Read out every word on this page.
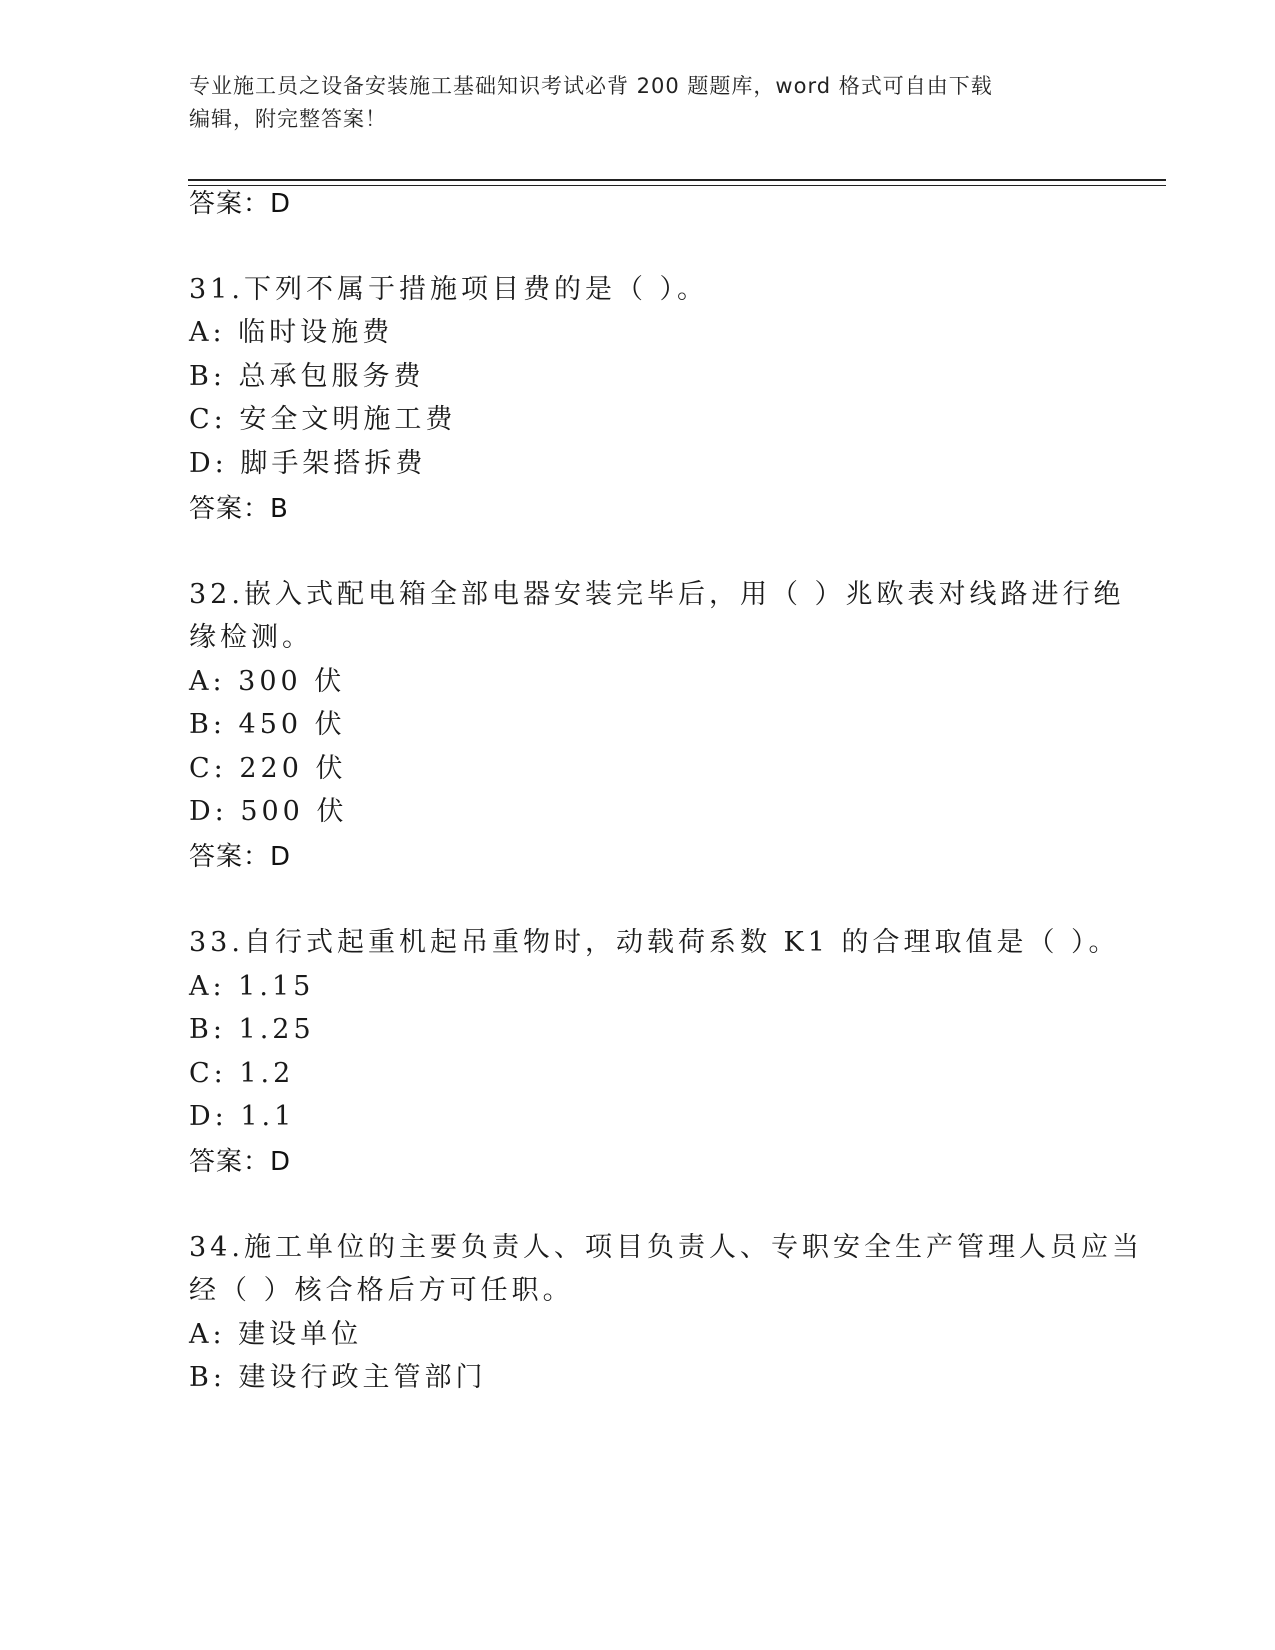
专业施工员之设备安装施工基础知识考试必背 200 题题库，word 格式可自由下载
编辑，附完整答案！
答案：D
31.下列不属于措施项目费的是（ ）。
A: 临时设施费
B: 总承包服务费
C: 安全文明施工费
D: 脚手架搭拆费
答案：B
32.嵌入式配电箱全部电器安装完毕后，用（ ）兆欧表对线路进行绝
缘检测。
A: 300 伏
B: 450 伏
C: 220 伏
D: 500 伏
答案：D
33.自行式起重机起吊重物时，动载荷系数 K1 的合理取值是（ ）。
A: 1.15
B: 1.25
C: 1.2
D: 1.1
答案：D
34.施工单位的主要负责人、项目负责人、专职安全生产管理人员应当
经（ ）核合格后方可任职。
A: 建设单位
B: 建设行政主管部门
